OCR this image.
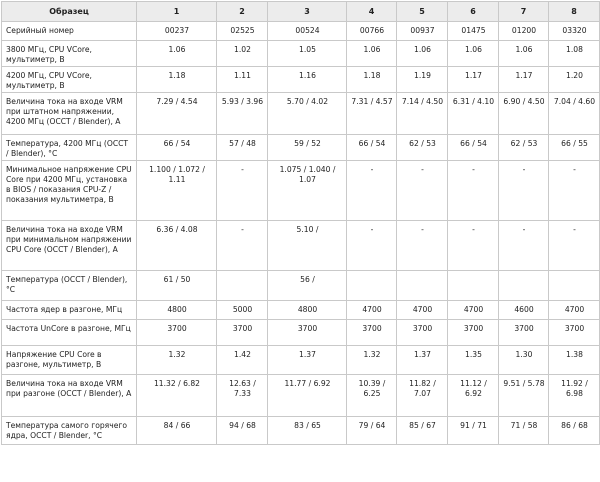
Образец	1	2	3	4	5	6	7	8
Серийный номер	00237	02525	00524	00766	00937	01475	01200	03320
3800 МГц, CPU VCore, мультиметр, В	1.06	1.02	1.05	1.06	1.06	1.06	1.06	1.08
4200 МГц, CPU VCore, мультиметр, В	1.18	1.11	1.16	1.18	1.19	1.17	1.17	1.20
Величина тока на входе VRM при штатном напряжении, 4200 МГц (OCCT / Blender), А	7.29 / 4.54	5.93 / 3.96	5.70 / 4.02	7.31 / 4.57	7.14 / 4.50	6.31 / 4.10	6.90 / 4.50	7.04 / 4.60
Температура, 4200 МГц (OCCT / Blender), °C	66 / 54	57 / 48	59 / 52	66 / 54	62 / 53	66 / 54	62 / 53	66 / 55
Минимальное напряжение CPU Core при 4200 МГц, установка в BIOS / показания CPU-Z / показания мультиметра, В	1.100 / 1.072 / 1.11	-	1.075 / 1.040 / 1.07	-	-	-	-	-
Величина тока на входе VRM при минимальном напряжении CPU Core (OCCT / Blender), А	6.36 / 4.08	-	5.10 /	-	-	-	-	-
Температура (OCCT / Blender), °C	61 / 50		56 /					
Частота ядер в разгоне, МГц	4800	5000	4800	4700	4700	4700	4600	4700
Частота UnCore в разгоне, МГц	3700	3700	3700	3700	3700	3700	3700	3700
Напряжение CPU Core в разгоне, мультиметр, В	1.32	1.42	1.37	1.32	1.37	1.35	1.30	1.38
Величина тока на входе VRM при разгоне (OCCT / Blender), А	11.32 / 6.82	12.63 / 7.33	11.77 / 6.92	10.39 / 6.25	11.82 / 7.07	11.12 / 6.92	9.51 / 5.78	11.92 / 6.98
Температура самого горячего ядра, OCCT / Blender, °C	84 / 66	94 / 68	83 / 65	79 / 64	85 / 67	91 / 71	71 / 58	86 / 68
